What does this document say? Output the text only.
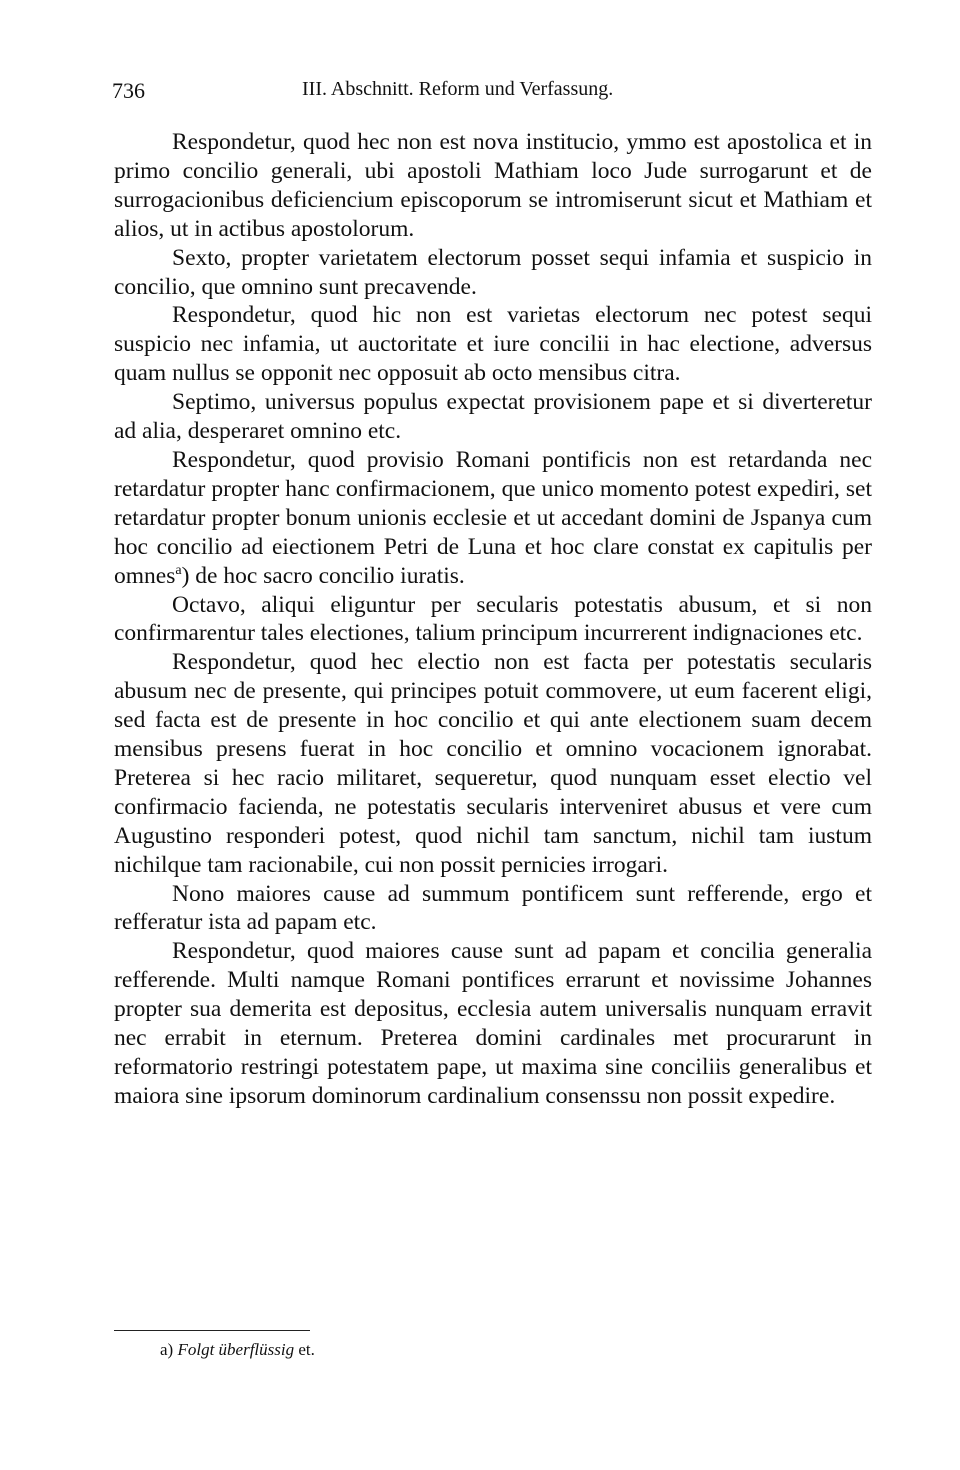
736	III. Abschnitt. Reform und Verfassung.

Respondetur, quod hec non est nova institucio, ymmo est apostolica et in primo concilio generali, ubi apostoli Mathiam loco Jude surrogarunt et de surrogacionibus deficiencium episcoporum se intromiserunt sicut et Mathiam et alios, ut in actibus apostolorum.

Sexto, propter varietatem electorum posset sequi infamia et suspicio in concilio, que omnino sunt precavende.

Respondetur, quod hic non est varietas electorum nec potest sequi suspicio nec infamia, ut auctoritate et iure concilii in hac electione, adversus quam nullus se opponit nec opposuit ab octo mensibus citra.

Septimo, universus populus expectat provisionem pape et si diverteretur ad alia, desperaret omnino etc.

Respondetur, quod provisio Romani pontificis non est retardanda nec retardatur propter hanc confirmacionem, que unico momento potest expediri, set retardatur propter bonum unionis ecclesie et ut accedant domini de Jspanya cum hoc concilio ad eiectionem Petri de Luna et hoc clare constat ex capitulis per omnes$^a$) de hoc sacro concilio iuratis.

Octavo, aliqui eliguntur per secularis potestatis abusum, et si non confirmarentur tales electiones, talium principum incurrerent indignaciones etc.

Respondetur, quod hec electio non est facta per potestatis secularis abusum nec de presente, qui principes potuit commovere, ut eum facerent eligi, sed facta est de presente in hoc concilio et qui ante electionem suam decem mensibus presens fuerat in hoc concilio et omnino vocacionem ignorabat. Preterea si hec racio militaret, sequeretur, quod nunquam esset electio vel confirmacio facienda, ne potestatis secularis interveniret abusus et vere cum Augustino responderi potest, quod nichil tam sanctum, nichil tam iustum nichilque tam racionabile, cui non possit pernicies irrogari.

Nono maiores cause ad summum pontificem sunt refferende, ergo et refferatur ista ad papam etc.

Respondetur, quod maiores cause sunt ad papam et concilia generalia refferende. Multi namque Romani pontifices errarunt et novissime Johannes propter sua demerita est depositus, ecclesia autem universalis nunquam erravit nec errabit in eternum. Preterea domini cardinales met procurarunt in reformatorio restringi potestatem pape, ut maxima sine conciliis generalibus et maiora sine ipsorum dominorum cardinalium consenssu non possit expedire.

a) Folgt überflüssig et.
